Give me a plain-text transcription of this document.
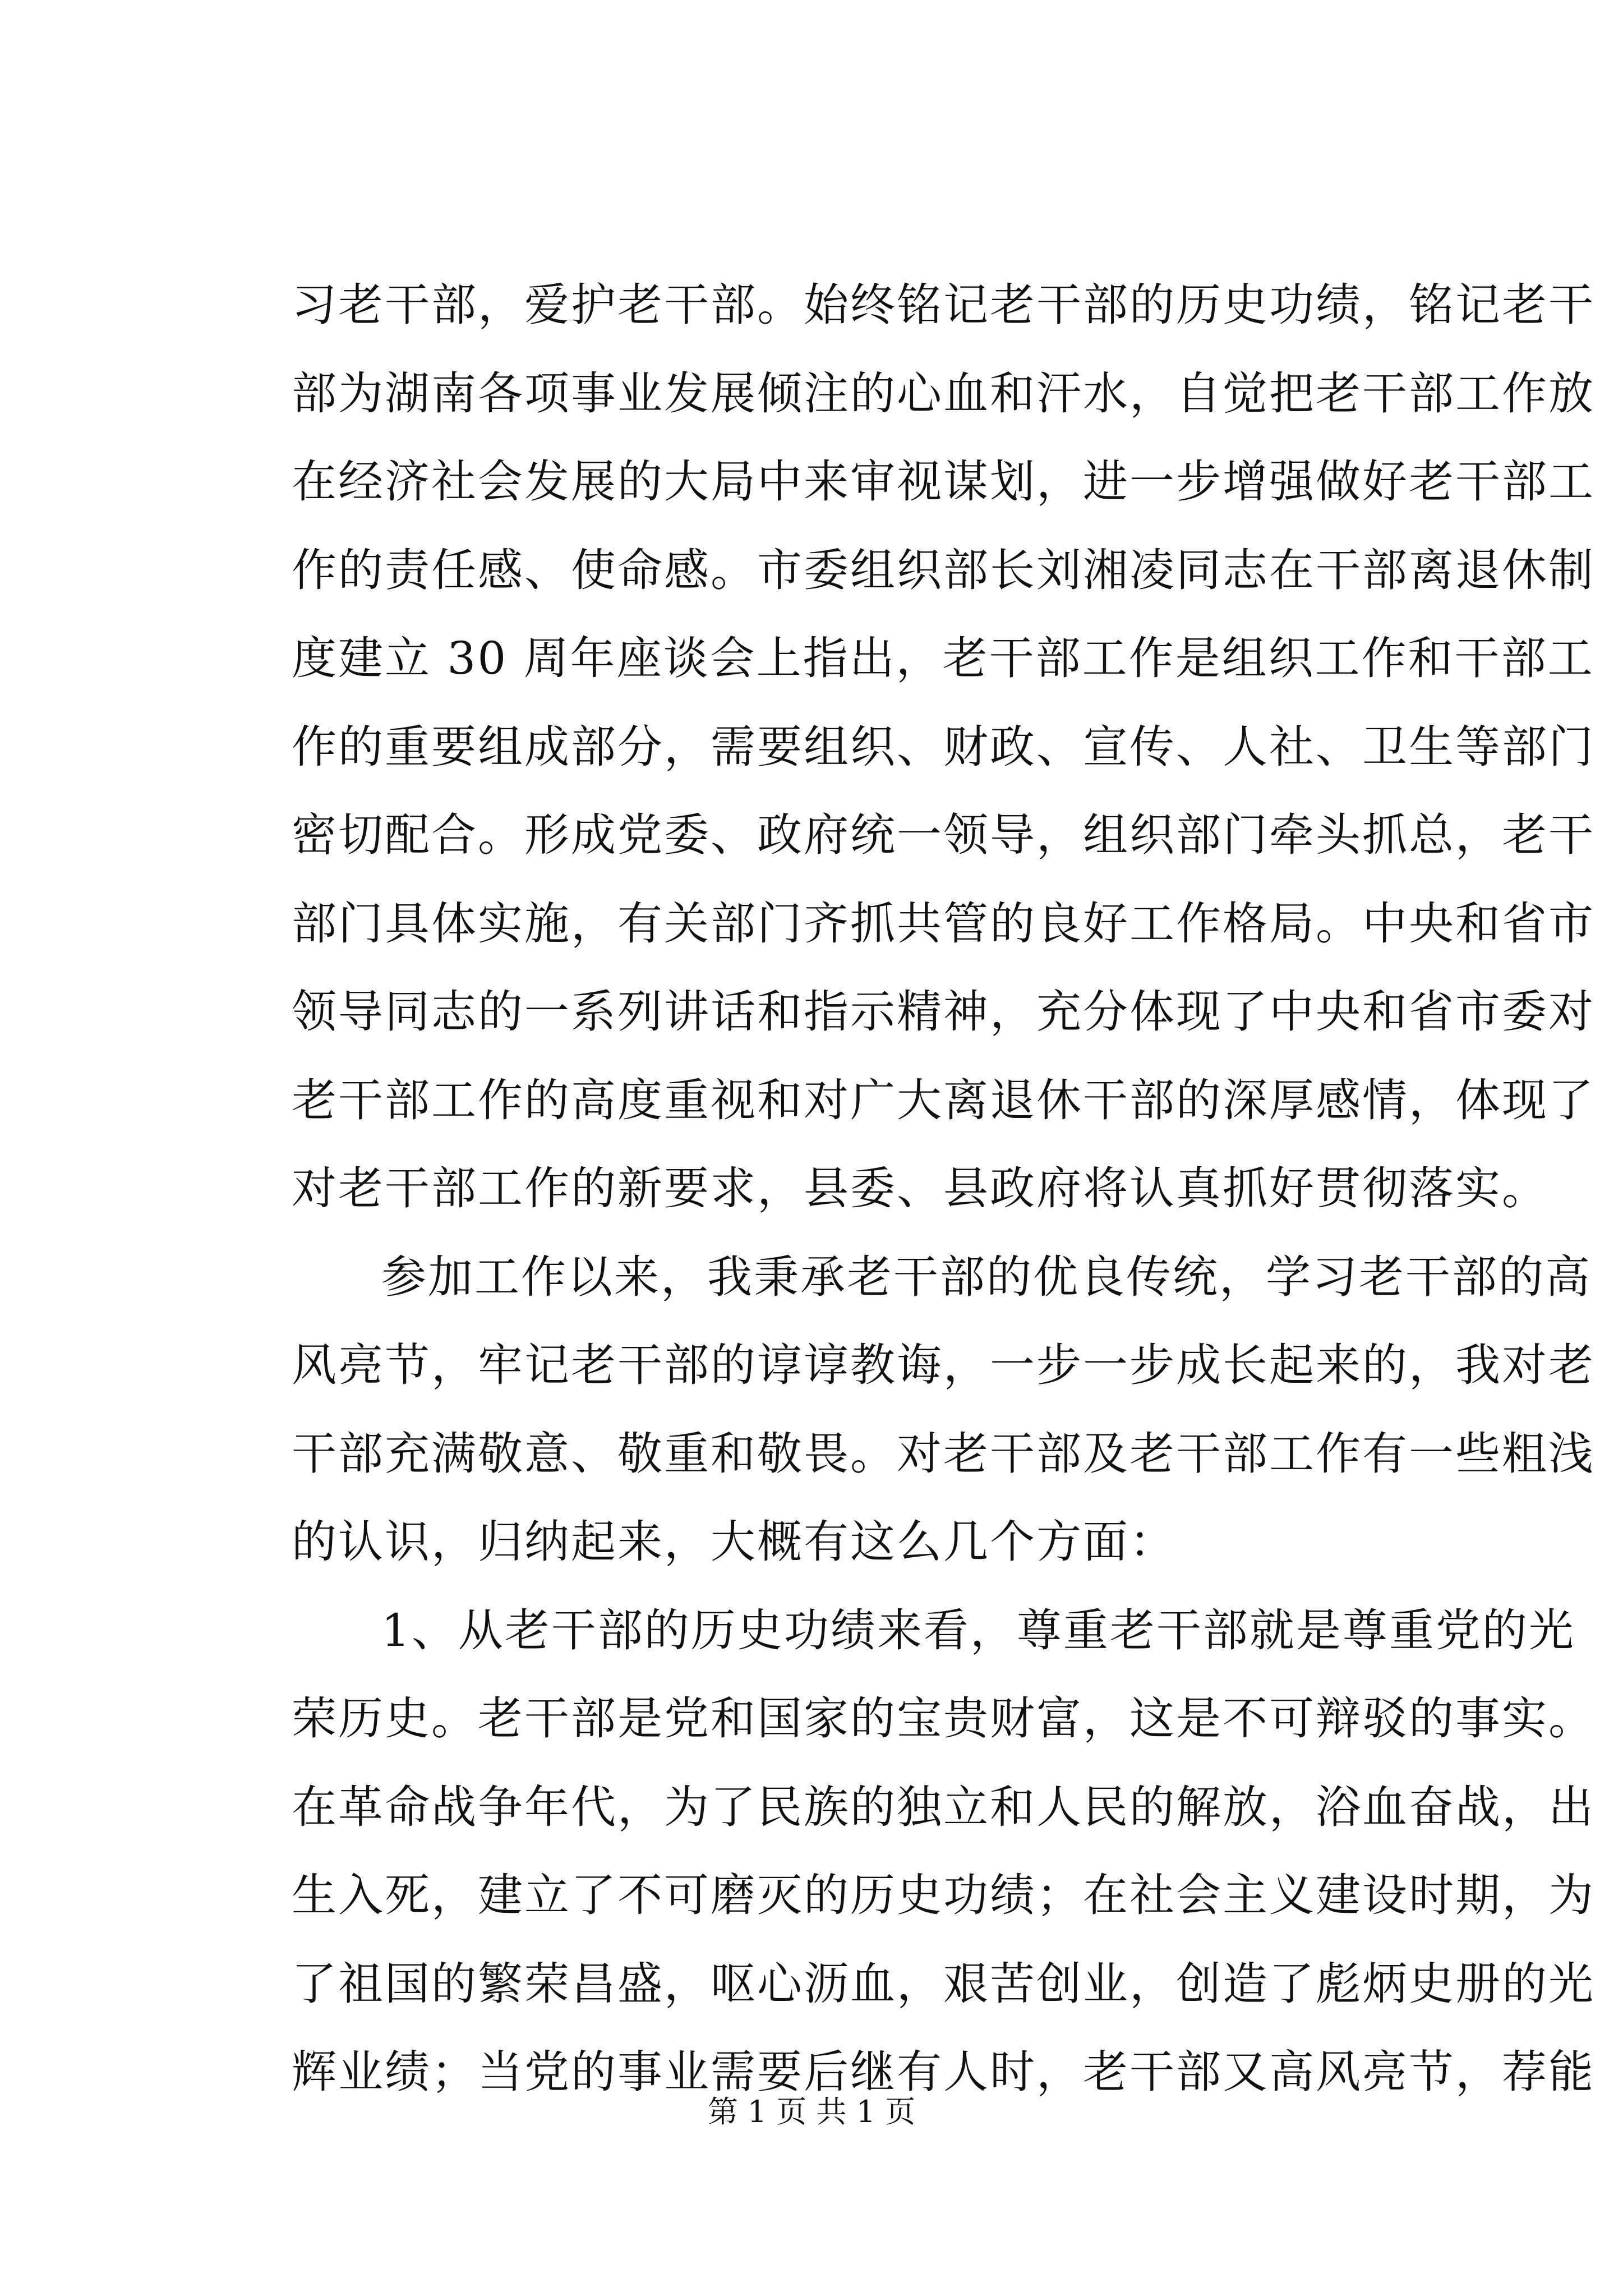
习老干部，爱护老干部。始终铭记老干部的历史功绩，铭记老干
部为湖南各项事业发展倾注的心血和汗水，自觉把老干部工作放
在经济社会发展的大局中来审视谋划，进一步增强做好老干部工
作的责任感、使命感。市委组织部长刘湘凌同志在干部离退休制
度建立 30 周年座谈会上指出，老干部工作是组织工作和干部工
作的重要组成部分，需要组织、财政、宣传、人社、卫生等部门
密切配合。形成党委、政府统一领导，组织部门牵头抓总，老干
部门具体实施，有关部门齐抓共管的良好工作格局。中央和省市
领导同志的一系列讲话和指示精神，充分体现了中央和省市委对
老干部工作的高度重视和对广大离退休干部的深厚感情，体现了
对老干部工作的新要求，县委、县政府将认真抓好贯彻落实。
参加工作以来，我秉承老干部的优良传统，学习老干部的高
风亮节，牢记老干部的谆谆教诲，一步一步成长起来的，我对老
干部充满敬意、敬重和敬畏。对老干部及老干部工作有一些粗浅
的认识，归纳起来，大概有这么几个方面：
1、从老干部的历史功绩来看，尊重老干部就是尊重党的光
荣历史。老干部是党和国家的宝贵财富，这是不可辩驳的事实。
在革命战争年代，为了民族的独立和人民的解放，浴血奋战，出
生入死，建立了不可磨灭的历史功绩；在社会主义建设时期，为
了祖国的繁荣昌盛，呕心沥血，艰苦创业，创造了彪炳史册的光
辉业绩；当党的事业需要后继有人时，老干部又高风亮节，荐能
第 1 页 共 1 页
